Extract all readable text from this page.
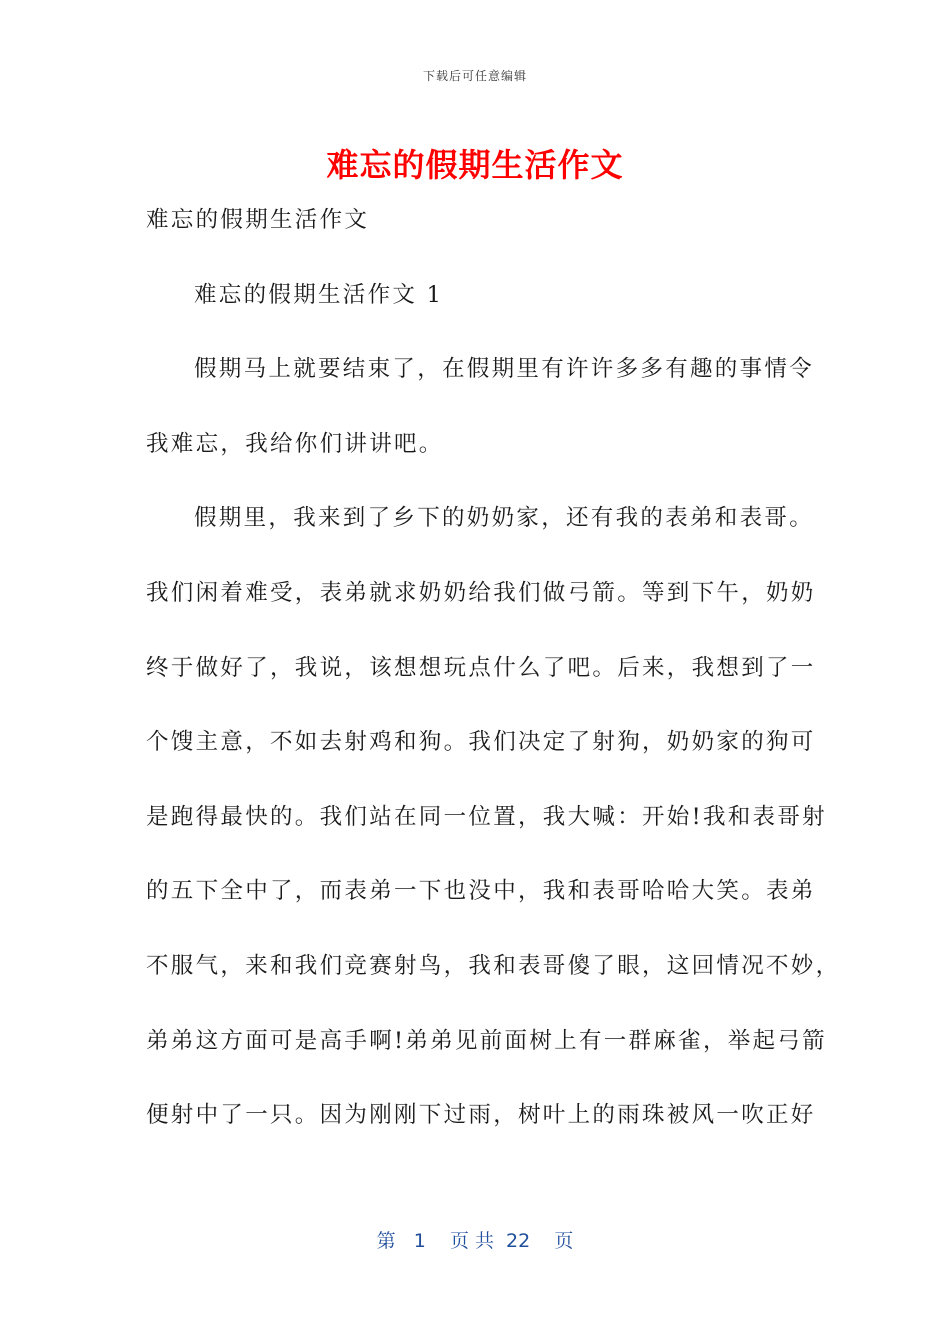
下载后可任意编辑
难忘的假期生活作文
难忘的假期生活作文
难忘的假期生活作文 1
假期马上就要结束了，在假期里有许许多多有趣的事情令
我难忘，我给你们讲讲吧。
假期里，我来到了乡下的奶奶家，还有我的表弟和表哥。
我们闲着难受，表弟就求奶奶给我们做弓箭。等到下午，奶奶
终于做好了，我说，该想想玩点什么了吧。后来，我想到了一
个馊主意，不如去射鸡和狗。我们决定了射狗，奶奶家的狗可
是跑得最快的。我们站在同一位置，我大喊：开始!我和表哥射
的五下全中了，而表弟一下也没中，我和表哥哈哈大笑。表弟
不服气，来和我们竞赛射鸟，我和表哥傻了眼，这回情况不妙，
弟弟这方面可是高手啊!弟弟见前面树上有一群麻雀，举起弓箭
便射中了一只。因为刚刚下过雨，树叶上的雨珠被风一吹正好
第   1    页 共  22    页
